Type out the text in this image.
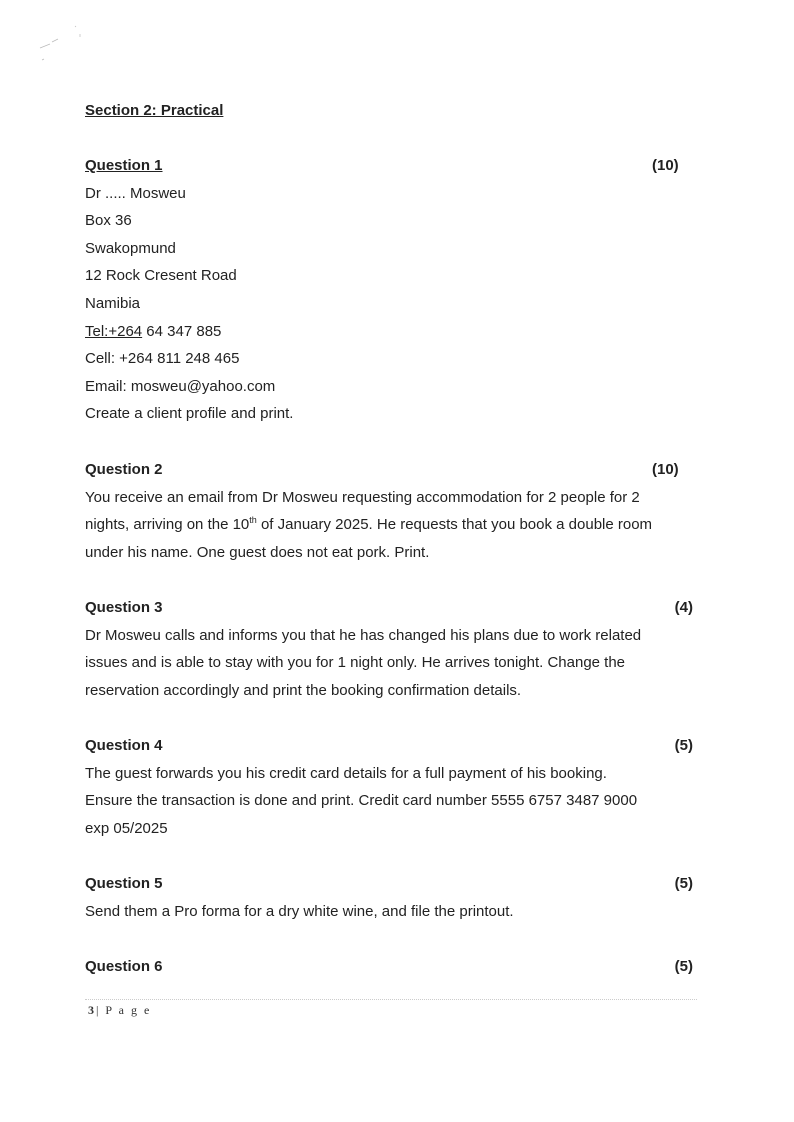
Section 2: Practical
Question 1	(10)
Dr ..... Mosweu
Box 36
Swakopmund
12 Rock Cresent Road
Namibia
Tel:+264 64 347 885
Cell: +264 811 248 465
Email: mosweu@yahoo.com
Create a client profile and print.
Question 2	(10)
You receive an email from Dr Mosweu requesting accommodation for 2 people for 2
nights, arriving on the 10th of January 2025. He requests that you book a double room
under his name. One guest does not eat pork. Print.
Question 3	(4)
Dr Mosweu calls and informs you that he has changed his plans due to work related
issues and is able to stay with you for 1 night only. He arrives tonight. Change the
reservation accordingly and print the booking confirmation details.
Question 4	(5)
The guest forwards you his credit card details for a full payment of his booking.
Ensure the transaction is done and print. Credit card number 5555 6757 3487 9000
exp 05/2025
Question 5	(5)
Send them a Pro forma for a dry white wine, and file the printout.
Question 6	(5)
3| P a g e
